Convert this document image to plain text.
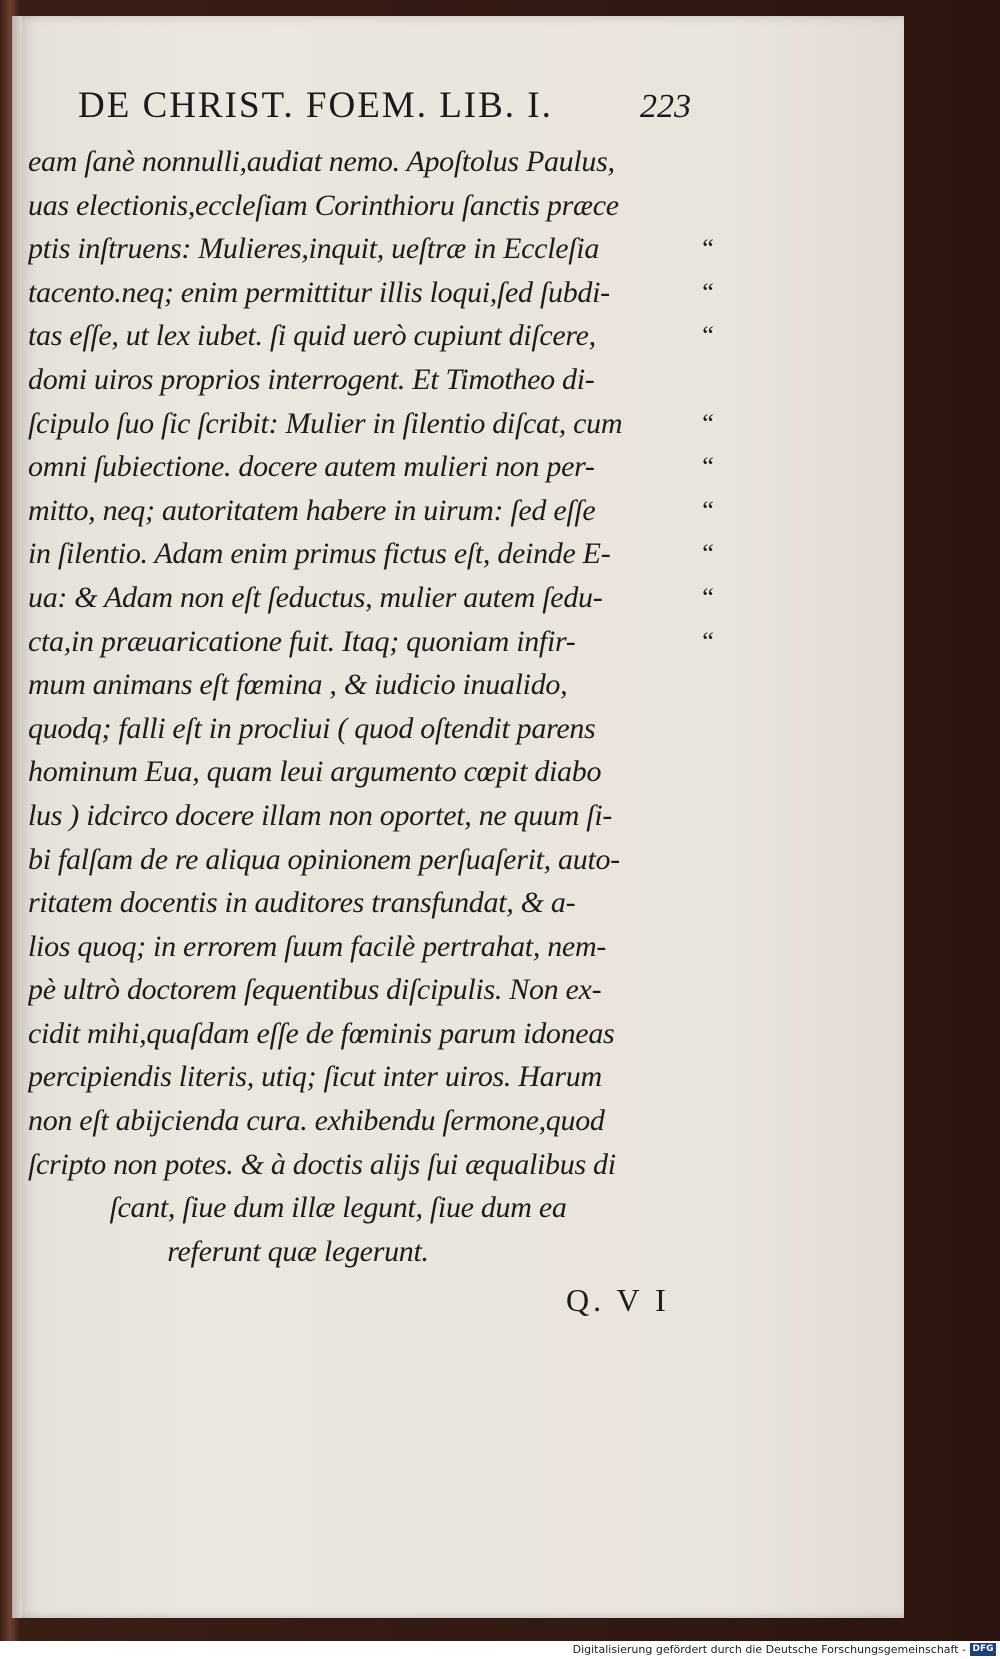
DE CHRIST. FOEM. LIB. I.	223
eam ſanè nonnulli,audiat nemo. Apoſtolus Paulus,
uas electionis,eccleſiam Corinthioru ſanctis præce
ptis inſtruens: Mulieres,inquit, ueſtræ in Eccleſia
tacento.neq; enim permittitur illis loqui,ſed ſubdi-
tas eſſe, ut lex iubet. ſi quid uerò cupiunt diſcere,
domi uiros proprios interrogent. Et Timotheo di-
ſcipulo ſuo ſic ſcribit: Mulier in ſilentio diſcat, cum
omni ſubiectione. docere autem mulieri non per-
mitto, neq; autoritatem habere in uirum: ſed eſſe
in ſilentio. Adam enim primus fictus eſt, deinde E-
ua: & Adam non eſt ſeductus, mulier autem ſedu-
cta,in præuaricatione fuit. Itaq; quoniam infir-
mum animans eſt fœmina , & iudicio inualido,
quodq; falli eſt in procliui ( quod oſtendit parens
hominum Eua, quam leui argumento cœpit diabo
lus ) idcirco docere illam non oportet, ne quum ſi-
bi falſam de re aliqua opinionem perſuaſerit, auto-
ritatem docentis in auditores transfundat, & a-
lios quoq; in errorem ſuum facilè pertrahat, nem-
pè ultrò doctorem ſequentibus diſcipulis. Non ex-
cidit mihi,quaſdam eſſe de fœminis parum idoneas
percipiendis literis, utiq; ſicut inter uiros. Harum
non eſt abijcienda cura. exhibendu ſermone,quod
ſcripto non potes. & à doctis alijs ſui æqualibus di
ſcant, ſiue dum illæ legunt, ſiue dum ea
referunt quæ legerunt.
“
“
“
“
“
“
“
“
“
Q. V I
Digitalisierung gefördert durch die Deutsche Forschungsgemeinschaft - DFG
